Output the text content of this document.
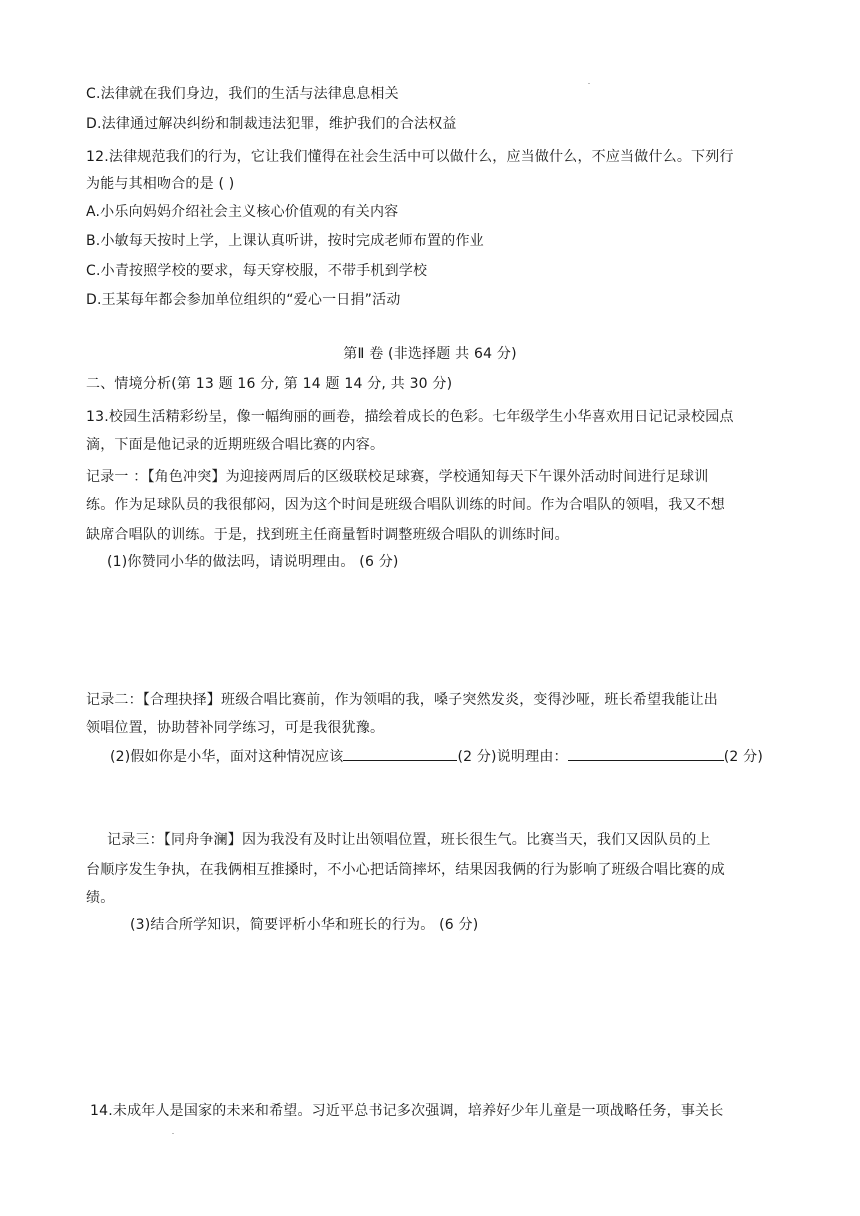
C.法律就在我们身边，我们的生活与法律息息相关
D.法律通过解决纠纷和制裁违法犯罪，维护我们的合法权益
12.法律规范我们的行为，它让我们懂得在社会生活中可以做什么，应当做什么，不应当做什么。下列行
为能与其相吻合的是 ( )
A.小乐向妈妈介绍社会主义核心价值观的有关内容
B.小敏每天按时上学，上课认真听讲，按时完成老师布置的作业
C.小青按照学校的要求，每天穿校服，不带手机到学校
D.王某每年都会参加单位组织的“爱心一日捐”活动
第Ⅱ 卷 (非选择题 共 64 分)
二、情境分析(第 13 题 16 分, 第 14 题 14 分, 共 30 分)
13.校园生活精彩纷呈，像一幅绚丽的画卷，描绘着成长的色彩。七年级学生小华喜欢用日记记录校园点
滴，下面是他记录的近期班级合唱比赛的内容。
记录一 ：【角色冲突】为迎接两周后的区级联校足球赛，学校通知每天下午课外活动时间进行足球训
练。作为足球队员的我很郁闷，因为这个时间是班级合唱队训练的时间。作为合唱队的领唱，我又不想
缺席合唱队的训练。于是，找到班主任商量暂时调整班级合唱队的训练时间。
(1)你赞同小华的做法吗，请说明理由。 (6 分)
记录二：【合理抉择】班级合唱比赛前，作为领唱的我，嗓子突然发炎，变得沙哑，班长希望我能让出
领唱位置，协助替补同学练习，可是我很犹豫。
(2)假如你是小华，面对这种情况应该	(2 分)说明理由：	(2 分)
记录三：【同舟争澜】因为我没有及时让出领唱位置，班长很生气。比赛当天，我们又因队员的上
台顺序发生争执，在我俩相互推搡时，不小心把话筒摔坏，结果因我俩的行为影响了班级合唱比赛的成
绩。
(3)结合所学知识，简要评析小华和班长的行为。 (6 分)
14.未成年人是国家的未来和希望。习近平总书记多次强调，培养好少年儿童是一项战略任务，事关长
